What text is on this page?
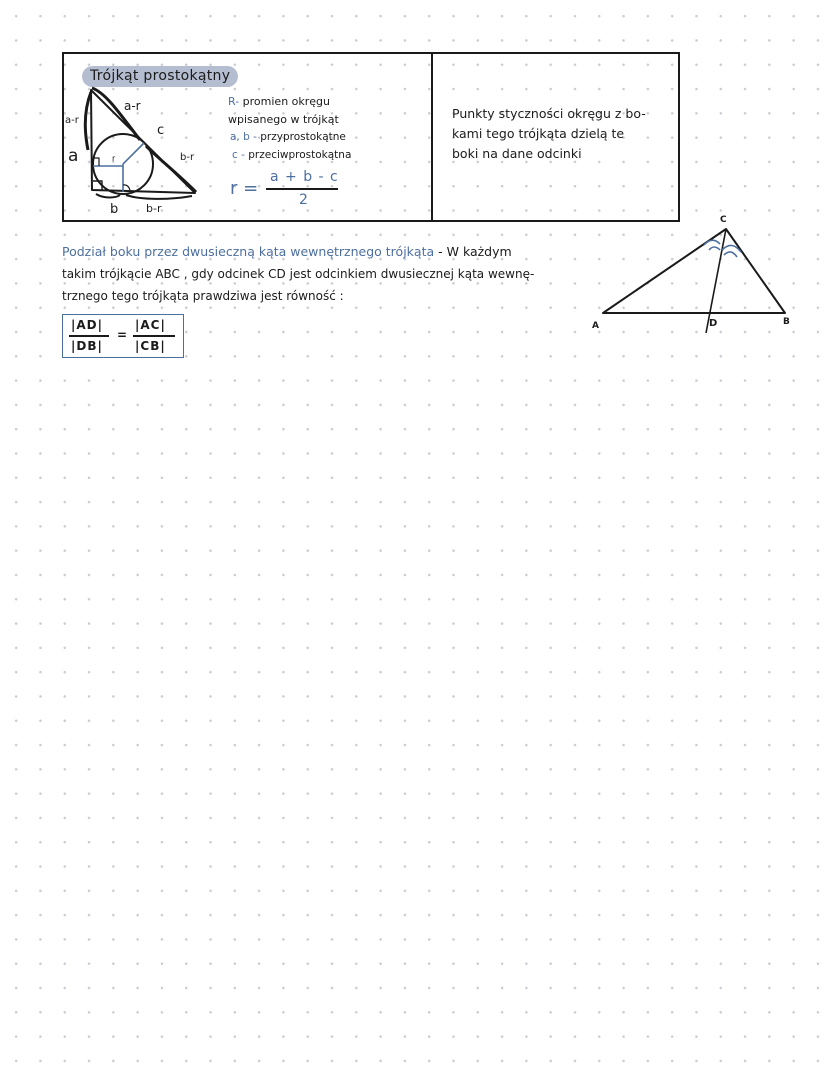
Trójkąt prostokątny
a-r
a
a-r
c
b-r
b	b-r
r
R- promien okręgu
wpisanego w trójkąt
a, b - przyprostokątne
c - przeciwprostokątna
r =
a + b - c
2
Punkty styczności okręgu z bo-
kami tego trójkąta dzielą te
boki na dane odcinki
Podział boku przez dwusieczną kąta wewnętrznego trójkąta - W każdym
takim trójkącie ABC , gdy odcinek CD jest odcinkiem dwusiecznej kąta wewnę-
trznego tego trójkąta prawdziwa jest równość :
|AD|
|DB|
=
|AC|
|CB|
C
A	B
D
